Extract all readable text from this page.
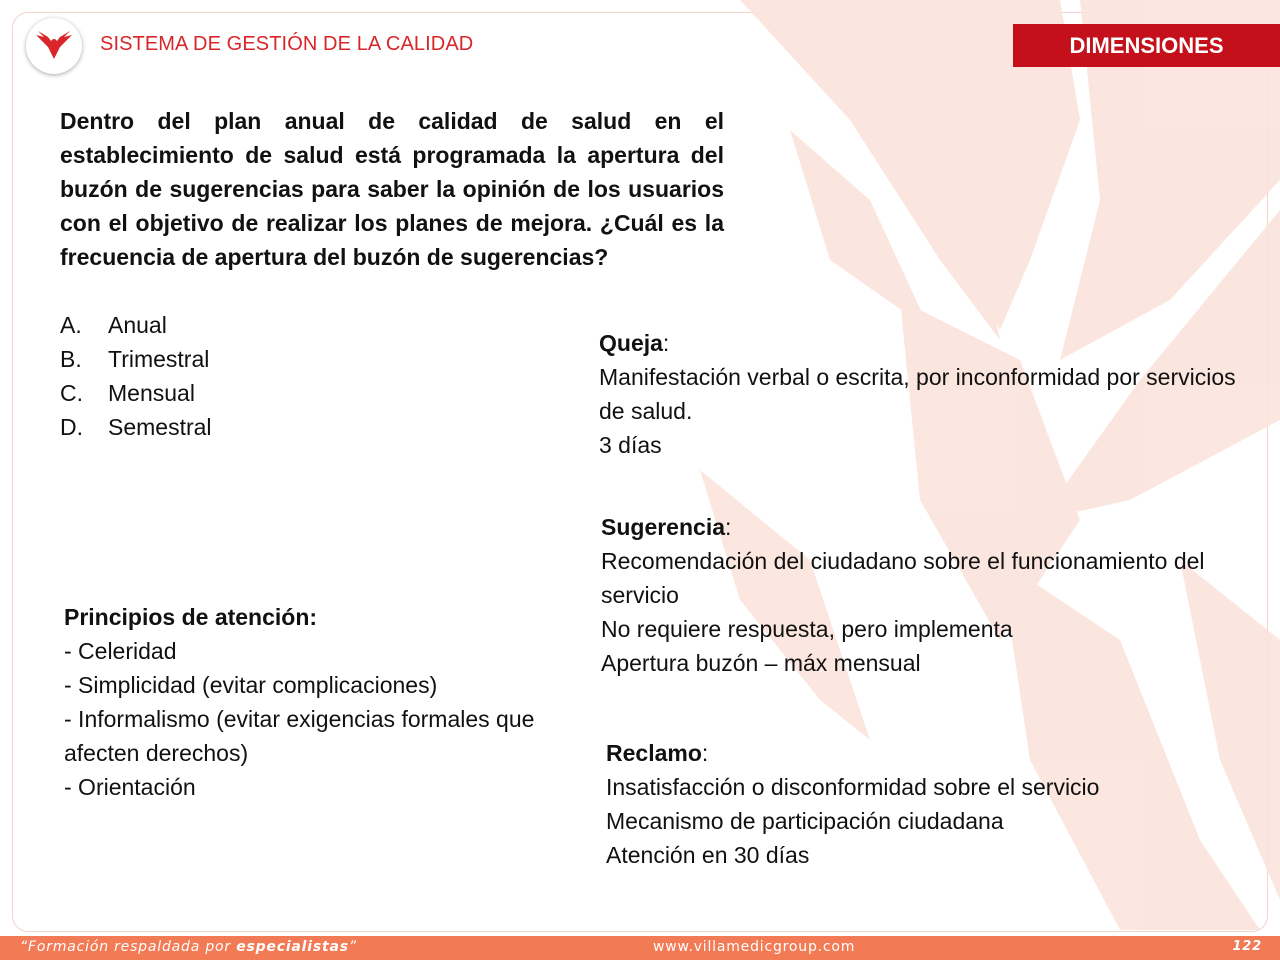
SISTEMA DE GESTIÓN DE LA CALIDAD	DIMENSIONES
Dentro del plan anual de calidad de salud en el establecimiento de salud está programada la apertura del buzón de sugerencias para saber la opinión de los usuarios con el objetivo de realizar los planes de mejora. ¿Cuál es la frecuencia de apertura del buzón de sugerencias?
A.	Anual
B.	Trimestral
C.	Mensual
D.	Semestral
Queja:
Manifestación verbal o escrita, por inconformidad por servicios de salud.
3 días
Sugerencia:
Recomendación del ciudadano sobre el funcionamiento del servicio
No requiere respuesta, pero implementa
Apertura buzón – máx mensual
Reclamo:
Insatisfacción o disconformidad sobre el servicio
Mecanismo de participación ciudadana
Atención en 30 días
Principios de atención:
- Celeridad
- Simplicidad (evitar complicaciones)
- Informalismo (evitar exigencias formales que afecten derechos)
- Orientación
“Formación respaldada por especialistas”	www.villamedicgroup.com	122
